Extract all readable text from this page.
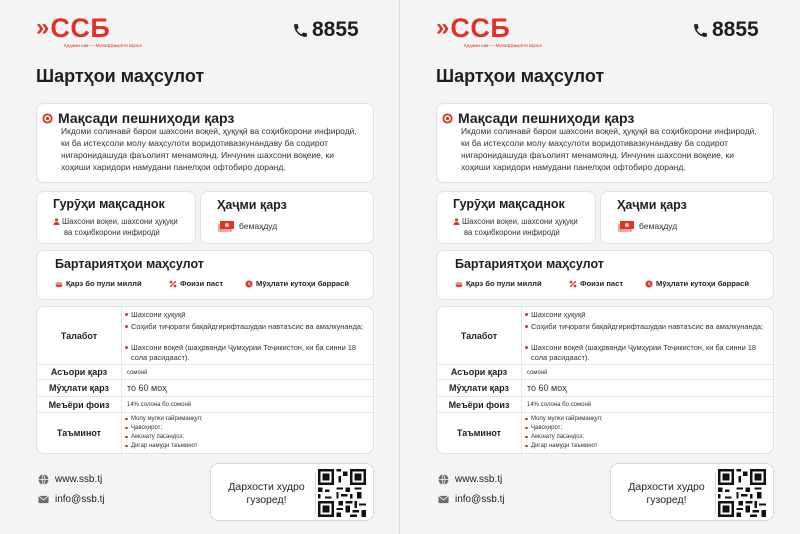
» ССБ
Қадами нав — Муваффақияти Шумо!
8855
Шартҳои маҳсулот
Мақсади пешниҳоди қарз
Икдоми солинавӣ барои шахсони воқеӣ, ҳуқуқӣ ва соҳибкорони инфиродӣ, ки ба истеҳсоли молу маҳсулоти воридотивазкунандаву ба содирот нигаронидашуда фаъолият менамоянд. Инчунин шахсони воқеие, ки хоҳиши харидори намудани панелҳои офтобиро доранд.
Гурӯҳи мақсаднок
Шахсони воқеи, шахсони ҳуқуқи
ва соҳибкорони инфиродӣ
Ҳаҷми қарз
бемаҳдуд
Бартариятҳои маҳсулот
Қарз бо пули миллӣ	Фоизи паст	Мӯҳлати кутоҳи баррасӣ
Талабот
Шахсони ҳуқуқӣ
Соҳиби тиҷорати бақайдгирифташудаи навтаъсис ва амалкунанда;
Шахсони воқеӣ (шаҳрванди Ҷумҳурии Тоҷикистон, ки ба синни 18 сола расидааст).
Асъори қарз	сомонӣ
Мӯҳлати қарз	то 60 моҳ
Меъёри фоиз	14% солона бо сомонӣ
Таъминот
Молу мулки ғайриманқул;
Ҷавоҳирот;
Амонату пасандоз;
Дигар намуди таъминот
www.ssb.tj
info@ssb.tj
Дархости худро гузоред!
» ССБ
Қадами нав — Муваффақияти Шумо!
8855
Шартҳои маҳсулот
Мақсади пешниҳоди қарз
Икдоми солинавӣ барои шахсони воқеӣ, ҳуқуқӣ ва соҳибкорони инфиродӣ, ки ба истеҳсоли молу маҳсулоти воридотивазкунандаву ба содирот нигаронидашуда фаъолият менамоянд. Инчунин шахсони воқеие, ки хоҳиши харидори намудани панелҳои офтобиро доранд.
Гурӯҳи мақсаднок
Шахсони воқеи, шахсони ҳуқуқи
ва соҳибкорони инфиродӣ
Ҳаҷми қарз
бемаҳдуд
Бартариятҳои маҳсулот
Қарз бо пули миллӣ	Фоизи паст	Мӯҳлати кутоҳи баррасӣ
Талабот
Шахсони ҳуқуқӣ
Соҳиби тиҷорати бақайдгирифташудаи навтаъсис ва амалкунанда;
Шахсони воқеӣ (шаҳрванди Ҷумҳурии Тоҷикистон, ки ба синни 18 сола расидааст).
Асъори қарз	сомонӣ
Мӯҳлати қарз	то 60 моҳ
Меъёри фоиз	14% солона бо сомонӣ
Таъминот
Молу мулки ғайриманқул;
Ҷавоҳирот;
Амонату пасандоз;
Дигар намуди таъминот
www.ssb.tj
info@ssb.tj
Дархости худро гузоред!
